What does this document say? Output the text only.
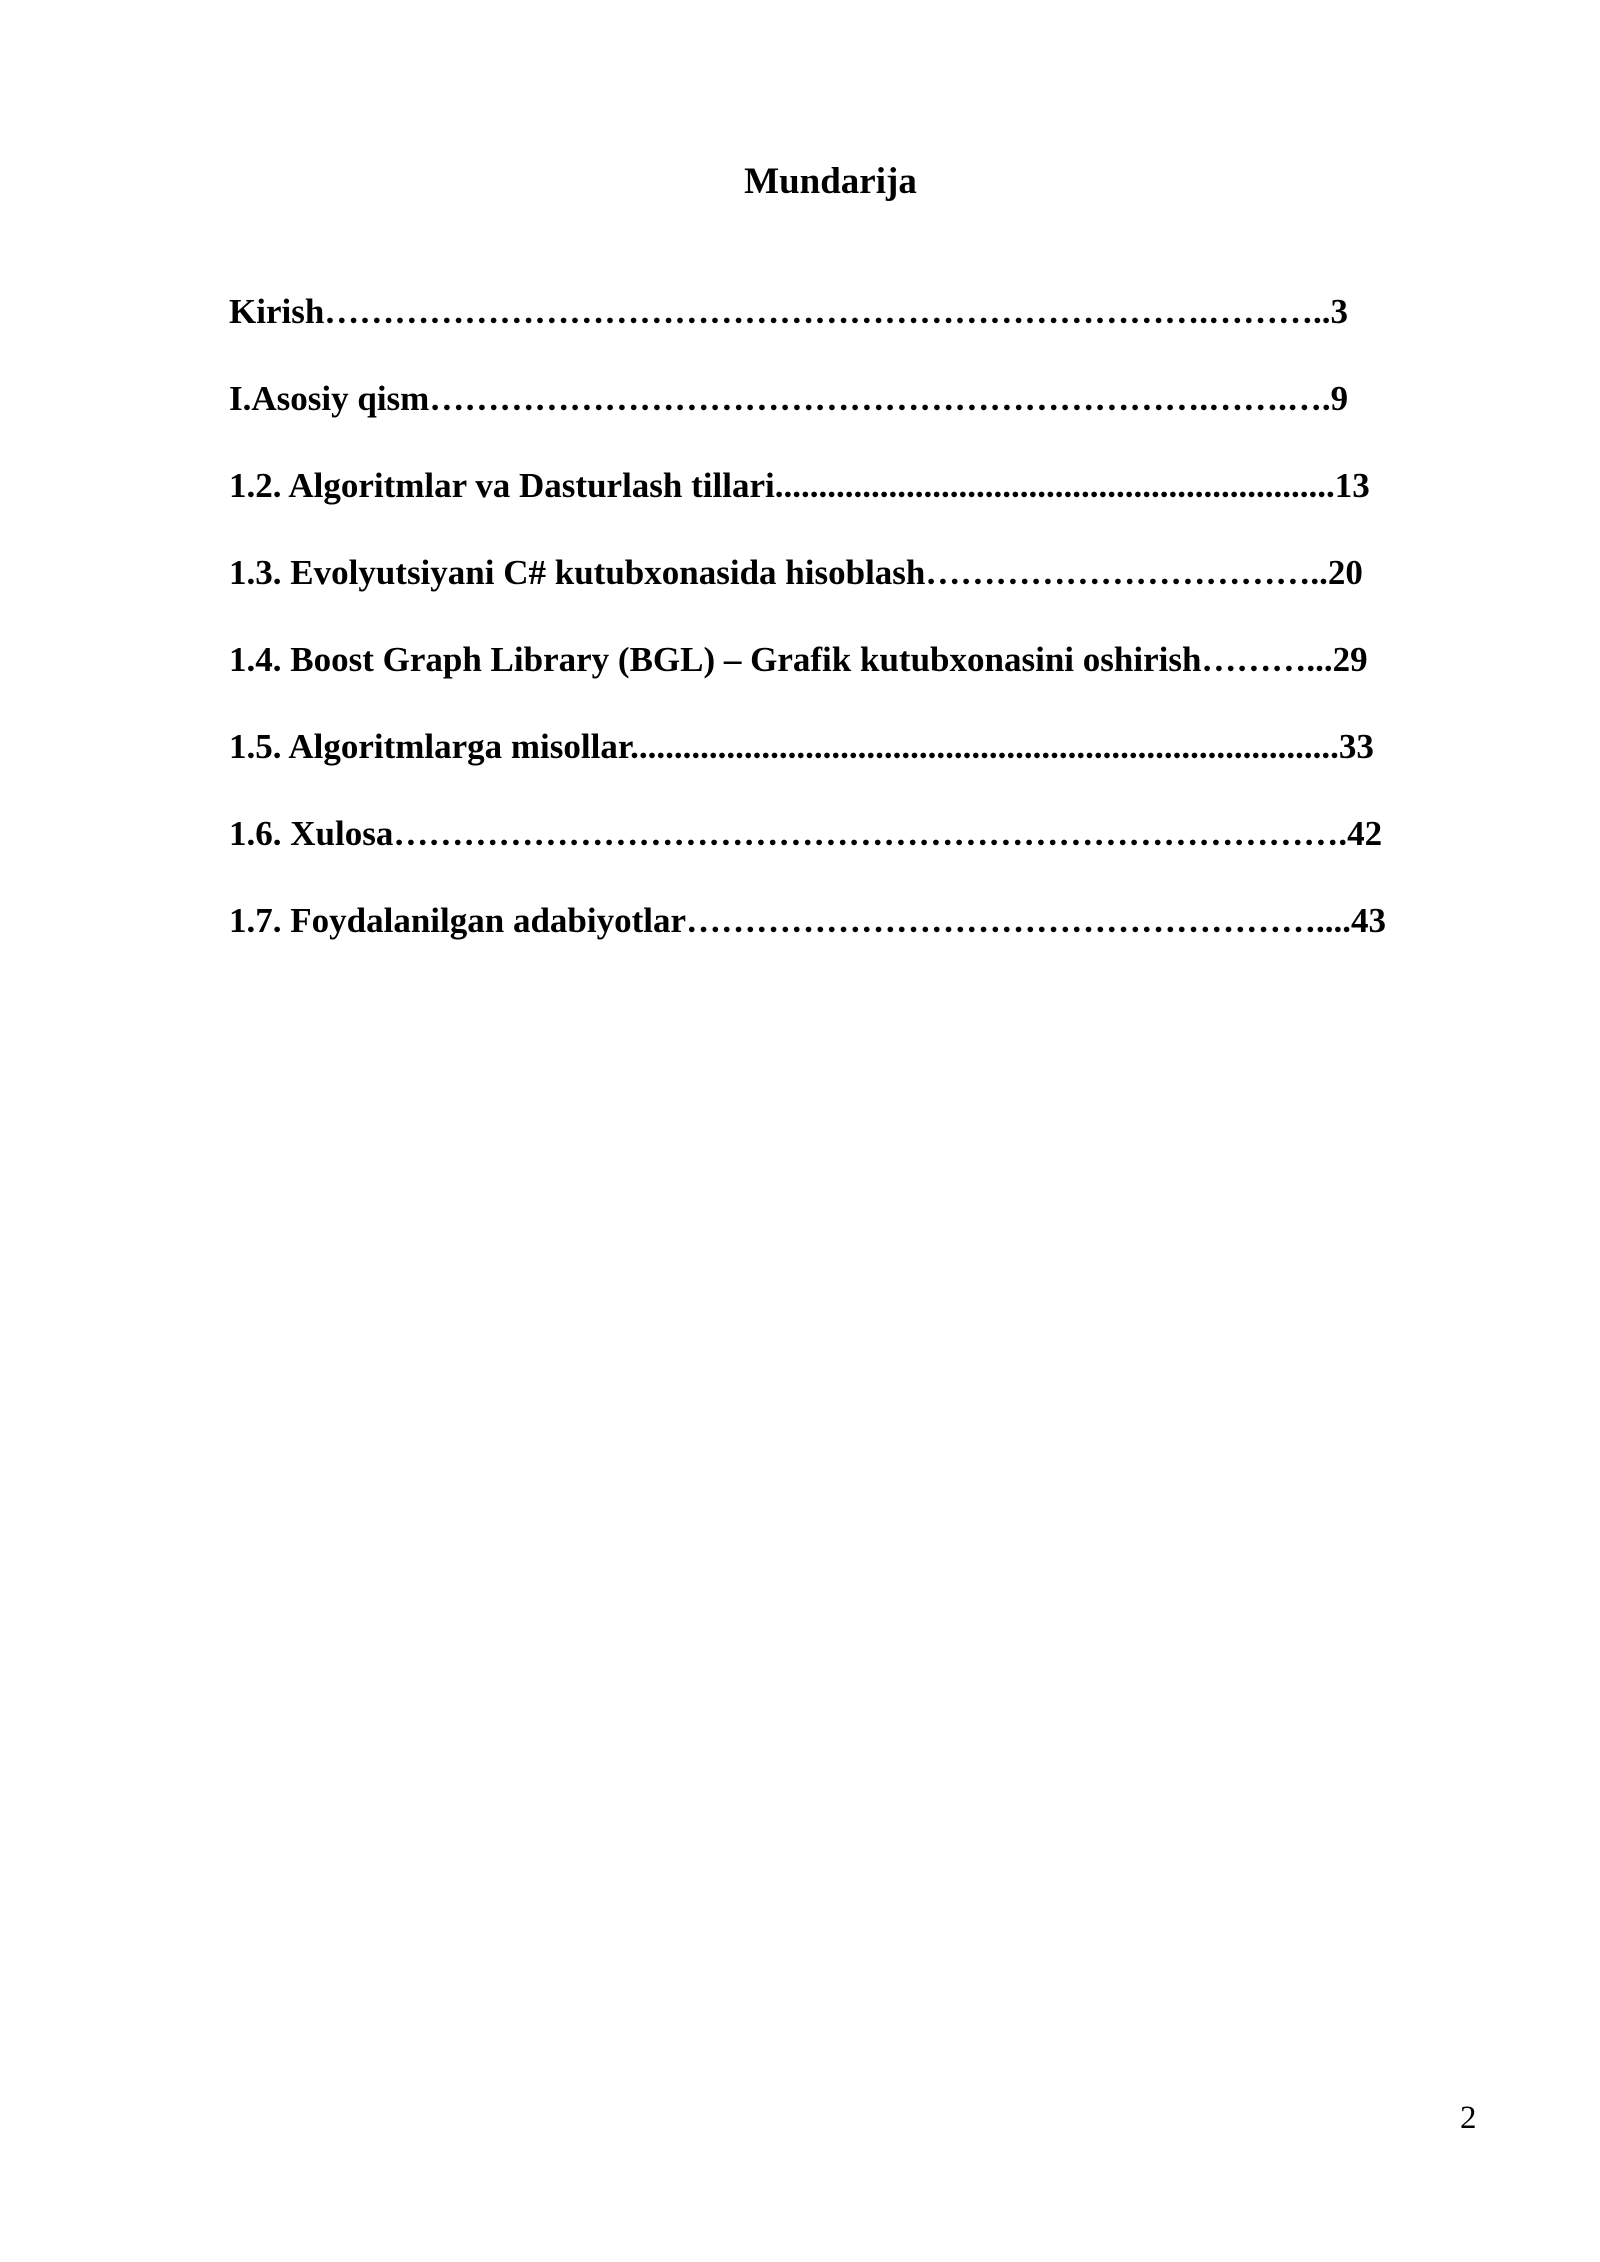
Mundarija
Kirish………………………………………………………………….………..3
I.Asosiy qism………………………………………………………….…….….9
1.2. Algoritmlar va Dasturlash tillari................................................................13
1.3. Evolyutsiyani C# kutubxonasida hisoblash……………………………..20
1.4. Boost Graph Library (BGL) – Grafik kutubxonasini oshirish………...29
1.5. Algoritmlarga misollar.................................................................................33
1.6. Xulosa……………………………………………………………………….42
1.7. Foydalanilgan adabiyotlar………………………………………………....43
2
